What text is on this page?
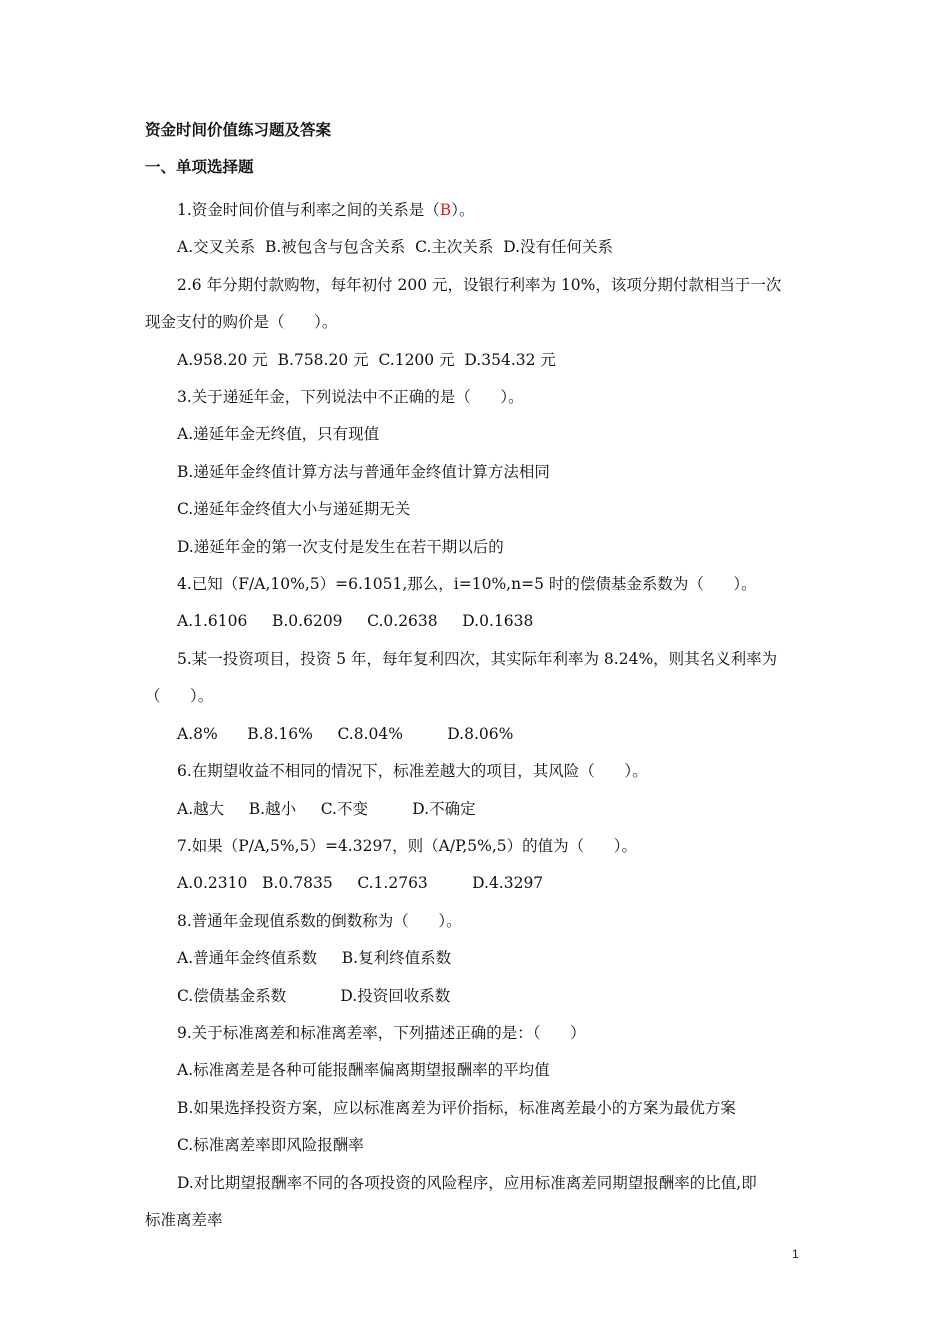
资金时间价值练习题及答案
一、单项选择题
1.资金时间价值与利率之间的关系是（B）。
A.交叉关系  B.被包含与包含关系  C.主次关系  D.没有任何关系
2.6 年分期付款购物，每年初付 200 元，设银行利率为 10%，该项分期付款相当于一次
现金支付的购价是（      ）。
A.958.20 元  B.758.20 元  C.1200 元  D.354.32 元
3.关于递延年金，下列说法中不正确的是（      ）。
A.递延年金无终值，只有现值
B.递延年金终值计算方法与普通年金终值计算方法相同
C.递延年金终值大小与递延期无关
D.递延年金的第一次支付是发生在若干期以后的
4.已知（F/A,10%,5）=6.1051,那么，i=10%,n=5 时的偿债基金系数为（      ）。
A.1.6106     B.0.6209     C.0.2638     D.0.1638
5.某一投资项目，投资 5 年，每年复利四次，其实际年利率为 8.24%，则其名义利率为
（      ）。
A.8%      B.8.16%     C.8.04%         D.8.06%
6.在期望收益不相同的情况下，标准差越大的项目，其风险（      ）。
A.越大     B.越小     C.不变         D.不确定
7.如果（P/A,5%,5）=4.3297，则（A/P,5%,5）的值为（      ）。
A.0.2310   B.0.7835     C.1.2763         D.4.3297
8.普通年金现值系数的倒数称为（      ）。
A.普通年金终值系数     B.复利终值系数
C.偿债基金系数           D.投资回收系数
9.关于标准离差和标准离差率，下列描述正确的是：（      ）
A.标准离差是各种可能报酬率偏离期望报酬率的平均值
B.如果选择投资方案，应以标准离差为评价指标，标准离差最小的方案为最优方案
C.标准离差率即风险报酬率
D.对比期望报酬率不同的各项投资的风险程序，应用标准离差同期望报酬率的比值,即
标准离差率
1
